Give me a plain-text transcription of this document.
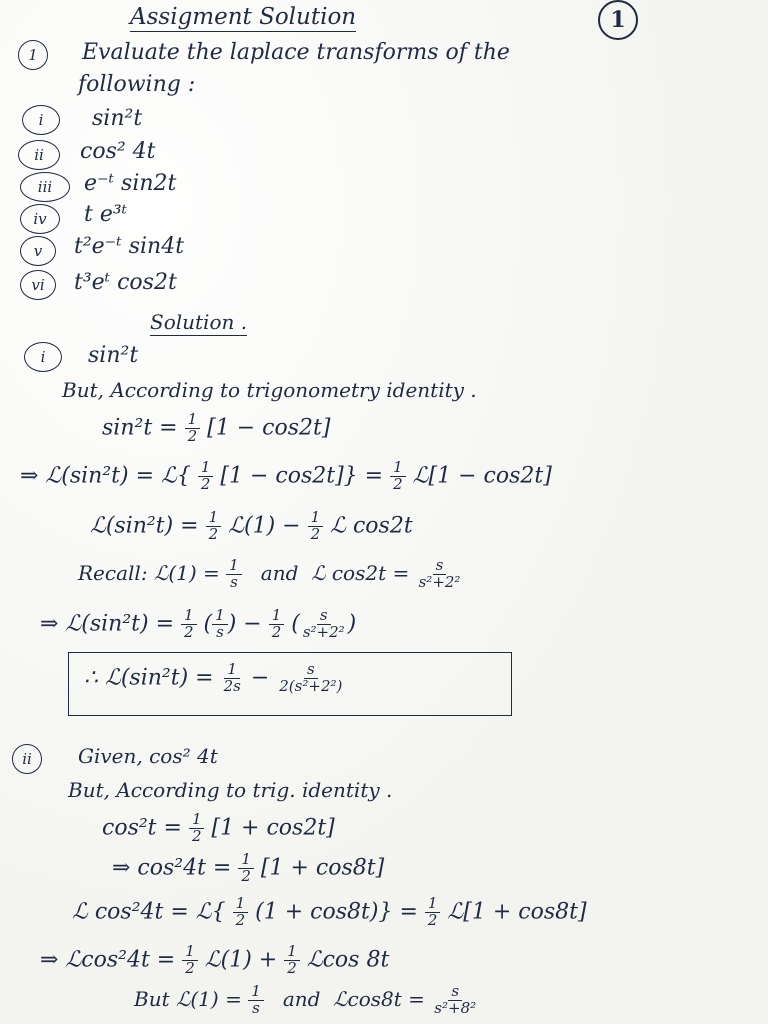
Assigment Solution	1
1 Evaluate the laplace transforms of the
following :
i sin²t
ii cos² 4t
iii e⁻ᵗ sin2t
iv t e³ᵗ
v t²e⁻ᵗ sin4t
vi t³eᵗ cos2t
Solution .
i sin²t
But, According to trigonometry identity .
$\sin^2t = \frac{1}{2} [1 - \cos 2t]$
⇒ ℒ(sin²t) = ℒ{ $\frac{1}{2} [1 - \cos 2t]\} = \frac{1}{2}$ ℒ[1 − cos2t]
ℒ(sin²t) = $\frac{1}{2}$ ℒ(1) − $\frac{1}{2}$ ℒ cos2t
Recall: ℒ(1) = $\frac{1}{s}$ and ℒ $\cos 2t = \frac{s}{\text{s²+2²}}$
⇒ ℒ(sin²t) = $\frac{1}{2}$ ( $\frac{1}{s}$ ) − $\frac{1}{2}$ ( $\frac{s}{\text{s²+2²}}$ )
∴ ℒ(sin²t) = $\frac{1}{2s} - \frac{s}{\text{2(s²+2²)}}$
ii Given, cos² 4t
But, According to trig. identity .
$\cos^2t = \frac{1}{2} [1 + \cos 2t]$
⇒ $\cos^24t = \frac{1}{2} [1 + \cos 8t]$
ℒ cos²4t = ℒ{ $\frac{1}{2} (1 + \cos 8t)\} = \frac{1}{2}$ ℒ[1 + cos8t]
⇒ ℒcos²4t = $\frac{1}{2}$ ℒ(1) + $\frac{1}{2}$ ℒcos 8t
But ℒ(1) = $\frac{1}{s}$ and ℒcos8t = $\frac{s}{\text{s²+8²}}$
